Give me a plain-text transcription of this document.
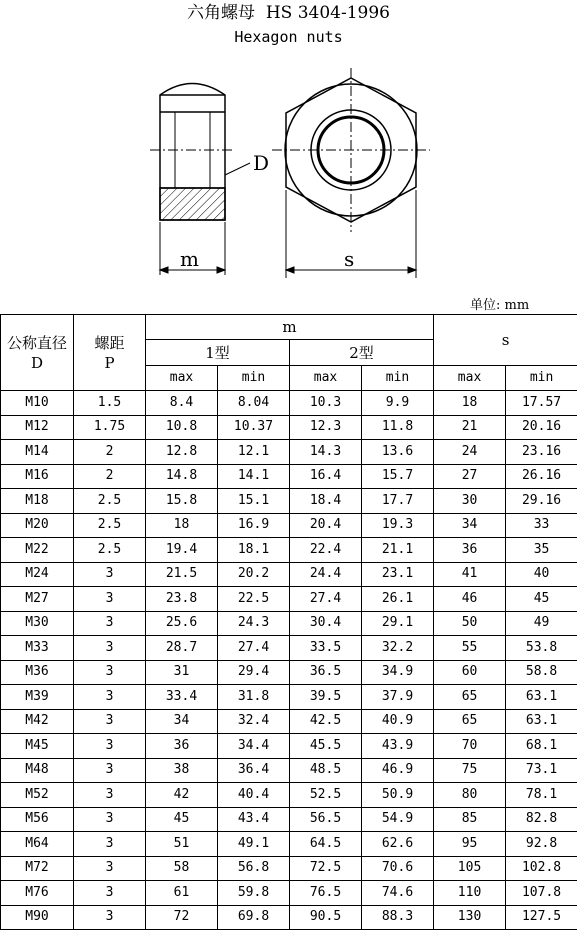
六角螺母  HS 3404-1996
Hexagon nuts
D
m	s
单位: mm
公称直径
D	螺距
P	m				s	
		1型		2型			
		max	min	max	min	max	min
M10	1.5	8.4	8.04	10.3	9.9	18	17.57
M12	1.75	10.8	10.37	12.3	11.8	21	20.16
M14	2	12.8	12.1	14.3	13.6	24	23.16
M16	2	14.8	14.1	16.4	15.7	27	26.16
M18	2.5	15.8	15.1	18.4	17.7	30	29.16
M20	2.5	18	16.9	20.4	19.3	34	33
M22	2.5	19.4	18.1	22.4	21.1	36	35
M24	3	21.5	20.2	24.4	23.1	41	40
M27	3	23.8	22.5	27.4	26.1	46	45
M30	3	25.6	24.3	30.4	29.1	50	49
M33	3	28.7	27.4	33.5	32.2	55	53.8
M36	3	31	29.4	36.5	34.9	60	58.8
M39	3	33.4	31.8	39.5	37.9	65	63.1
M42	3	34	32.4	42.5	40.9	65	63.1
M45	3	36	34.4	45.5	43.9	70	68.1
M48	3	38	36.4	48.5	46.9	75	73.1
M52	3	42	40.4	52.5	50.9	80	78.1
M56	3	45	43.4	56.5	54.9	85	82.8
M64	3	51	49.1	64.5	62.6	95	92.8
M72	3	58	56.8	72.5	70.6	105	102.8
M76	3	61	59.8	76.5	74.6	110	107.8
M90	3	72	69.8	90.5	88.3	130	127.5
